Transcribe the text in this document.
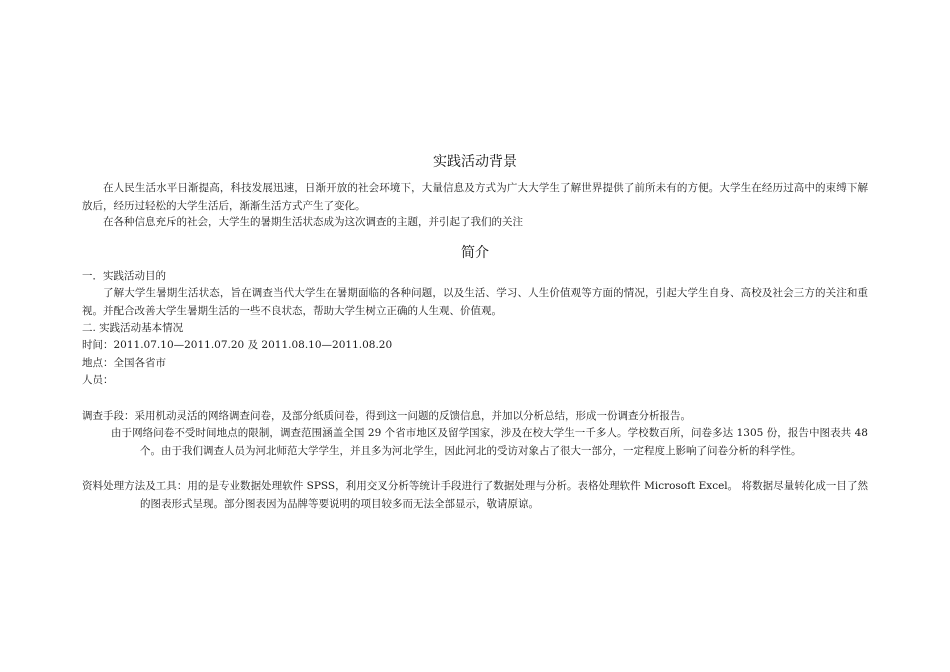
实践活动背景
在人民生活水平日渐提高，科技发展迅速，日渐开放的社会环境下，大量信息及方式为广大大学生了解世界提供了前所未有的方便。大学生在经历过高中的束缚下解放后，经历过轻松的大学生活后，渐渐生活方式产生了变化。
在各种信息充斥的社会，大学生的暑期生活状态成为这次调查的主题，并引起了我们的关注
简介
一．实践活动目的
了解大学生暑期生活状态，旨在调查当代大学生在暑期面临的各种问题，以及生活、学习、人生价值观等方面的情况，引起大学生自身、高校及社会三方的关注和重视。并配合改善大学生暑期生活的一些不良状态，帮助大学生树立正确的人生观、价值观。
二. 实践活动基本情况
时间：2011.07.10—2011.07.20 及 2011.08.10—2011.08.20
地点：全国各省市
人员：
调查手段：采用机动灵活的网络调查问卷，及部分纸质问卷，得到这一问题的反馈信息，并加以分析总结，形成一份调查分析报告。
由于网络问卷不受时间地点的限制，调查范围涵盖全国 29 个省市地区及留学国家，涉及在校大学生一千多人。学校数百所，问卷多达 1305 份，报告中图表共 48 个。由于我们调查人员为河北师范大学学生，并且多为河北学生，因此河北的受访对象占了很大一部分，一定程度上影响了问卷分析的科学性。
资料处理方法及工具：用的是专业数据处理软件 SPSS，利用交叉分析等统计手段进行了数据处理与分析。表格处理软件 Microsoft Excel。 将数据尽量转化成一目了然的图表形式呈现。部分图表因为品牌等要说明的项目较多而无法全部显示，敬请原谅。
